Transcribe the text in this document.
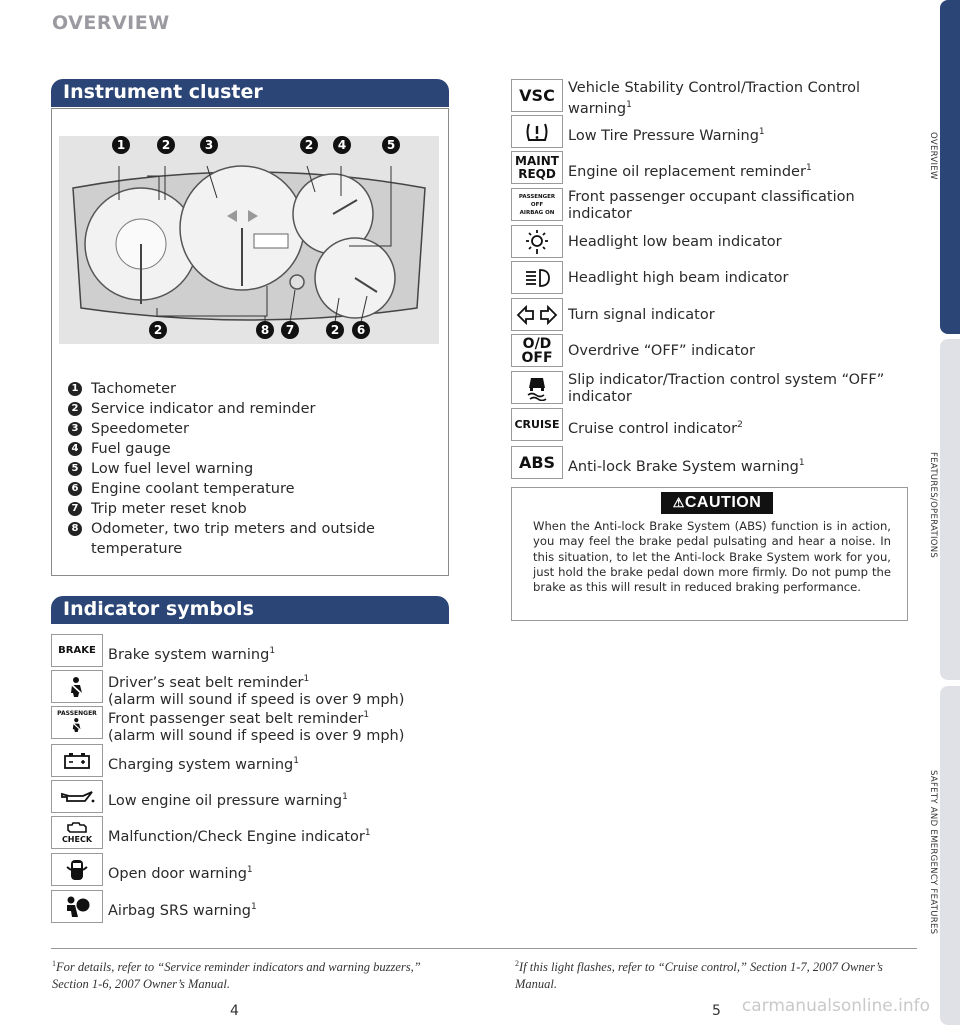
OVERVIEW
OVERVIEW
FEATURES/OPERATIONS
SAFETY AND EMERGENCY FEATURES
Instrument cluster
1	2	3	2	4	5
2	8	7	2	6
1 Tachometer
2 Service indicator and reminder
3 Speedometer
4 Fuel gauge
5 Low fuel level warning
6 Engine coolant temperature
7 Trip meter reset knob
8 Odometer, two trip meters and outside temperature
Indicator symbols
BRAKE Brake system warning$^1$
Driver’s seat belt reminder$^1$
(alarm will sound if speed is over 9 mph)
PASSENGER Front passenger seat belt reminder$^1$
(alarm will sound if speed is over 9 mph)
Charging system warning$^1$
Low engine oil pressure warning$^1$
CHECK	Malfunction/Check Engine indicator$^1$
Open door warning$^1$
Airbag SRS warning$^1$
VSC Vehicle Stability Control/Traction Control
warning$^1$
Low Tire Pressure Warning$^1$
MAINT REQD Engine oil replacement reminder$^1$
PASSENGER OFF AIRBAG ON
Front passenger occupant classification
indicator
Headlight low beam indicator
Headlight high beam indicator
Turn signal indicator
O/D OFF	Overdrive “OFF” indicator
Slip indicator/Traction control system “OFF”
indicator
CRUISE Cruise control indicator$^2$
ABS Anti-lock Brake System warning$^1$
⚠CAUTION
When the Anti-lock Brake System (ABS) function is in action, you may feel the brake pedal pulsating and hear a noise. In this situation, to let the Anti-lock Brake System work for you, just hold the brake pedal down more firmly. Do not pump the brake as this will result in reduced braking performance.
$^1$For details, refer to “Service reminder indicators and warning buzzers,” Section 1-6, 2007 Owner’s Manual.
$^2$If this light flashes, refer to “Cruise control,” Section 1-7, 2007 Owner’s Manual.
4	5 carmanualsonline.info
